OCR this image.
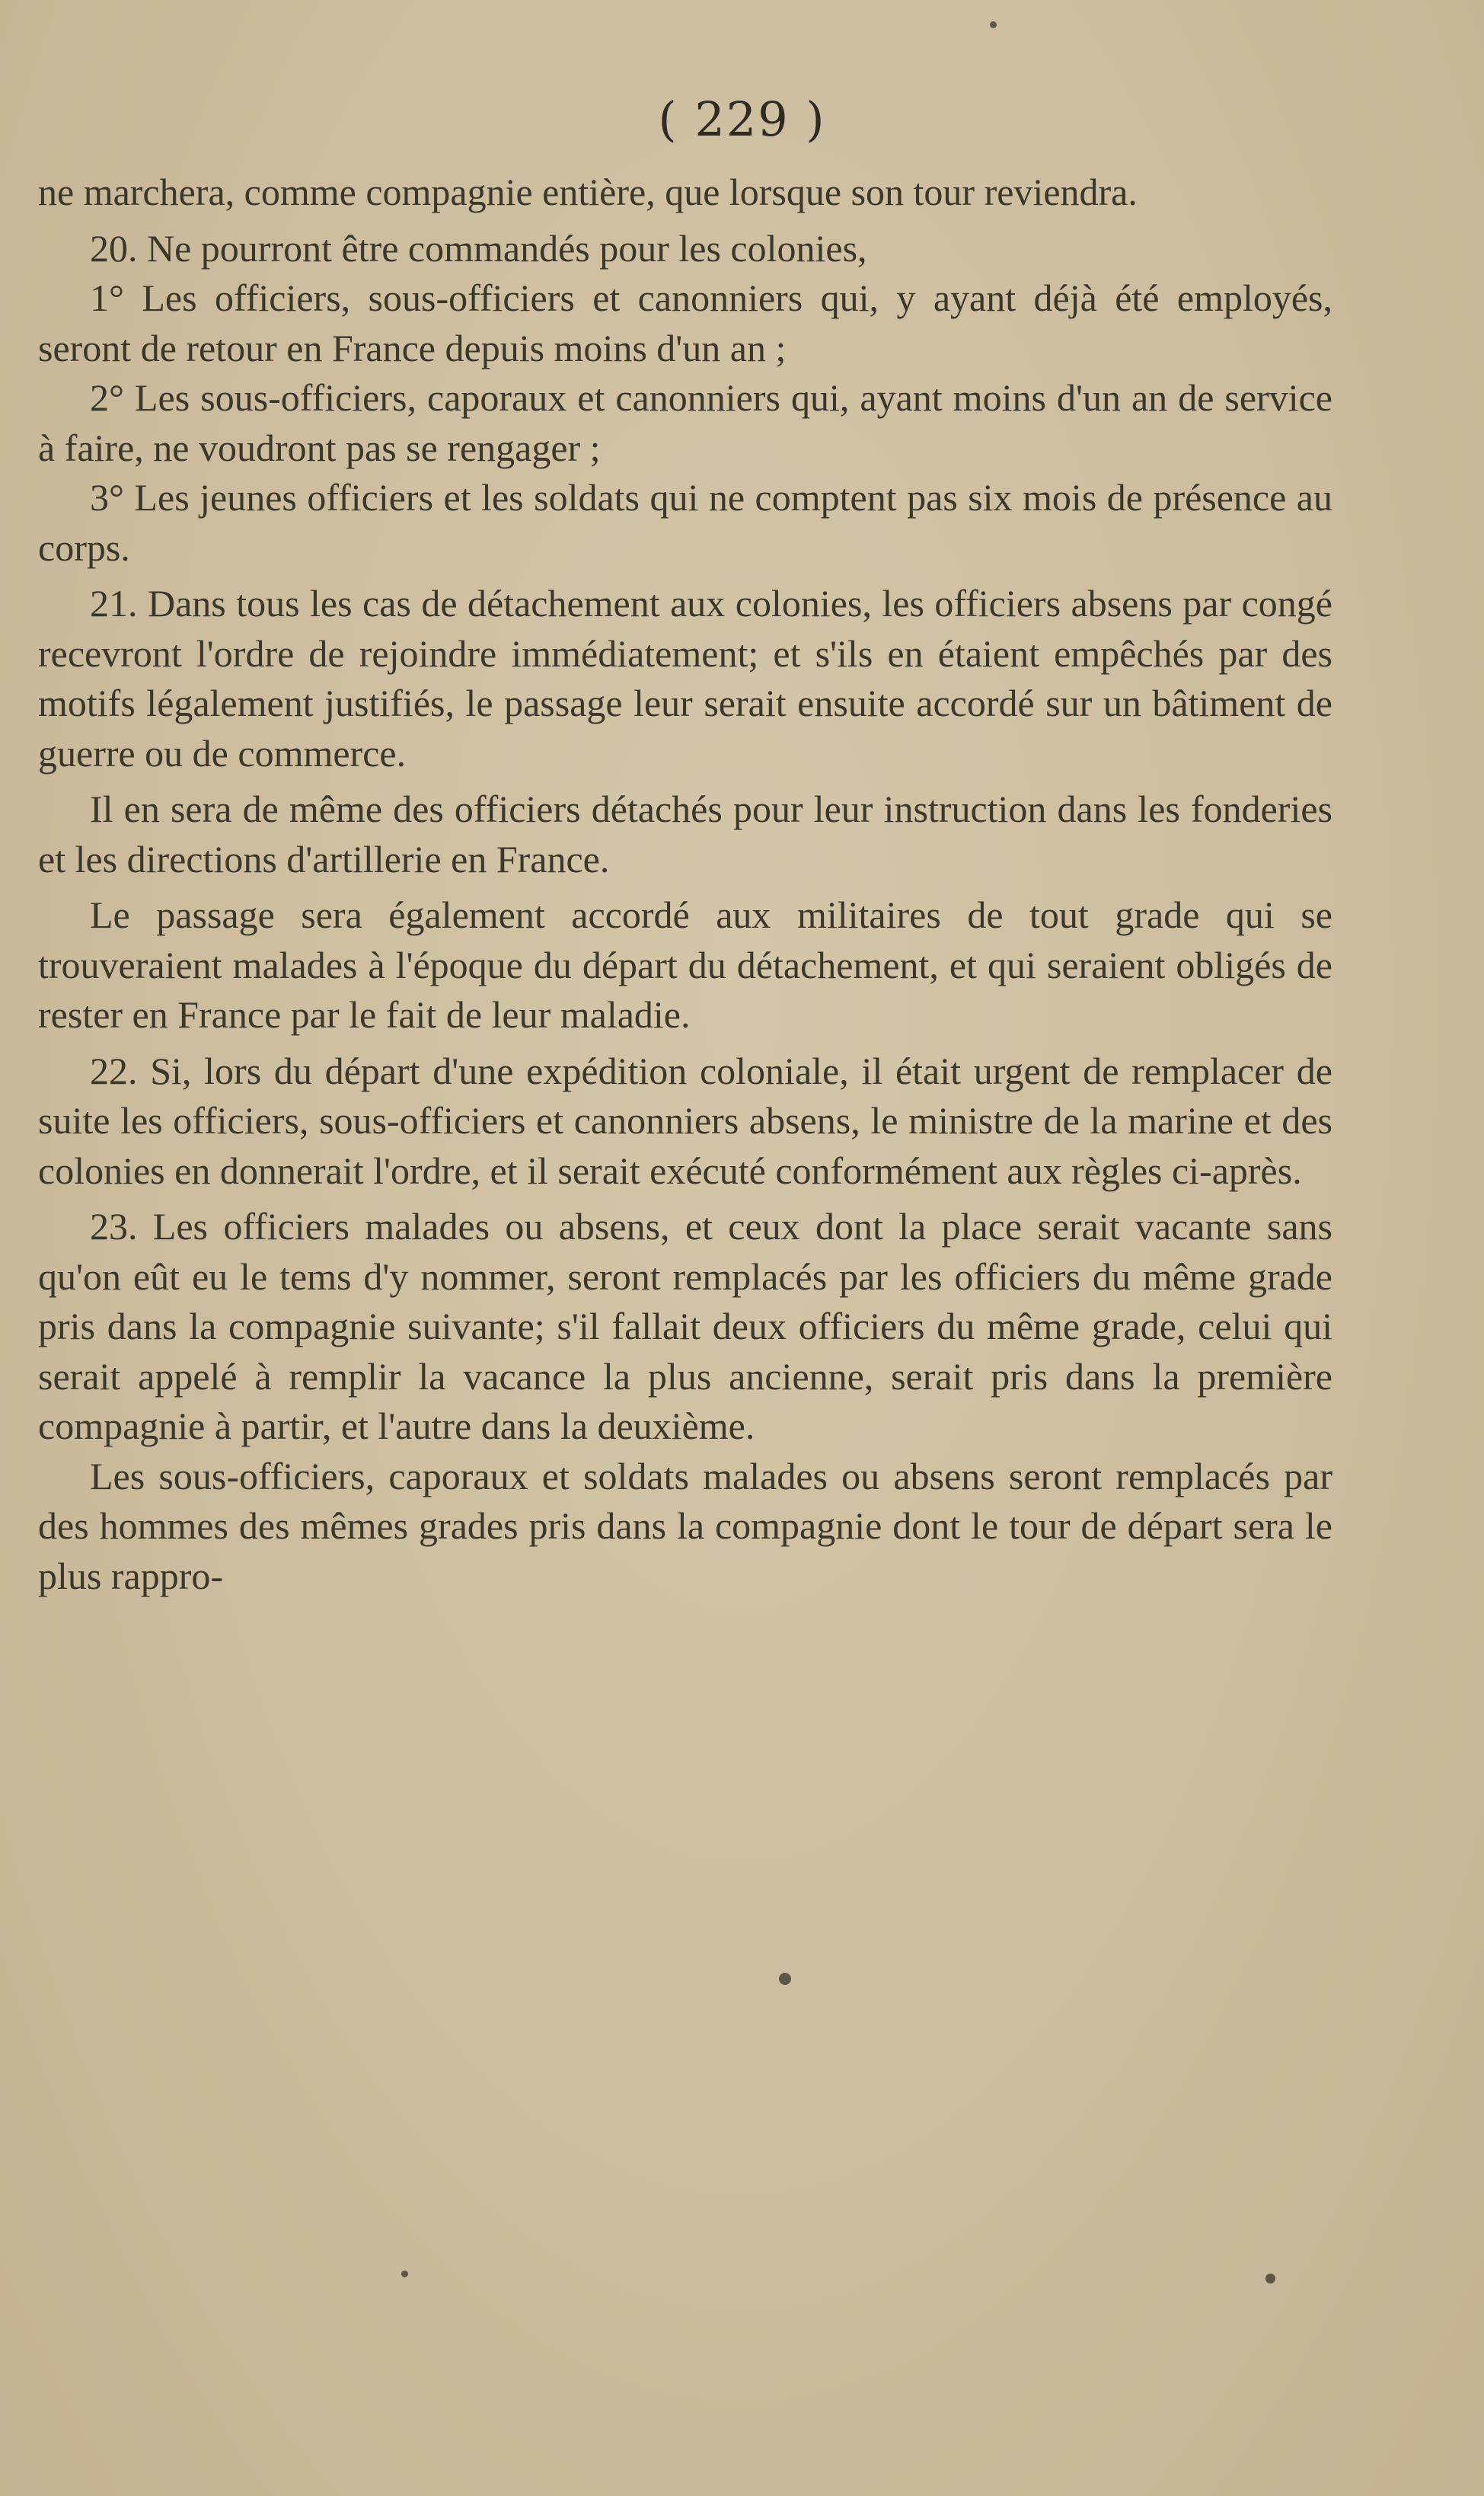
( 229 )

ne marchera, comme compagnie entière, que lorsque son tour reviendra.

20. Ne pourront être commandés pour les colonies,

1° Les officiers, sous-officiers et canonniers qui, y ayant déjà été employés, seront de retour en France depuis moins d'un an ;

2° Les sous-officiers, caporaux et canonniers qui, ayant moins d'un an de service à faire, ne voudront pas se rengager ;

3° Les jeunes officiers et les soldats qui ne comptent pas six mois de présence au corps.

21. Dans tous les cas de détachement aux colonies, les officiers absens par congé recevront l'ordre de rejoindre immédiatement; et s'ils en étaient empêchés par des motifs légalement justifiés, le passage leur serait ensuite accordé sur un bâtiment de guerre ou de commerce.

Il en sera de même des officiers détachés pour leur instruction dans les fonderies et les directions d'artillerie en France.

Le passage sera également accordé aux militaires de tout grade qui se trouveraient malades à l'époque du départ du détachement, et qui seraient obligés de rester en France par le fait de leur maladie.

22. Si, lors du départ d'une expédition coloniale, il était urgent de remplacer de suite les officiers, sous-officiers et canonniers absens, le ministre de la marine et des colonies en donnerait l'ordre, et il serait exécuté conformément aux règles ci-après.

23. Les officiers malades ou absens, et ceux dont la place serait vacante sans qu'on eût eu le tems d'y nommer, seront remplacés par les officiers du même grade pris dans la compagnie suivante; s'il fallait deux officiers du même grade, celui qui serait appelé à remplir la vacance la plus ancienne, serait pris dans la première compagnie à partir, et l'autre dans la deuxième.

Les sous-officiers, caporaux et soldats malades ou absens seront remplacés par des hommes des mêmes grades pris dans la compagnie dont le tour de départ sera le plus rappro-
